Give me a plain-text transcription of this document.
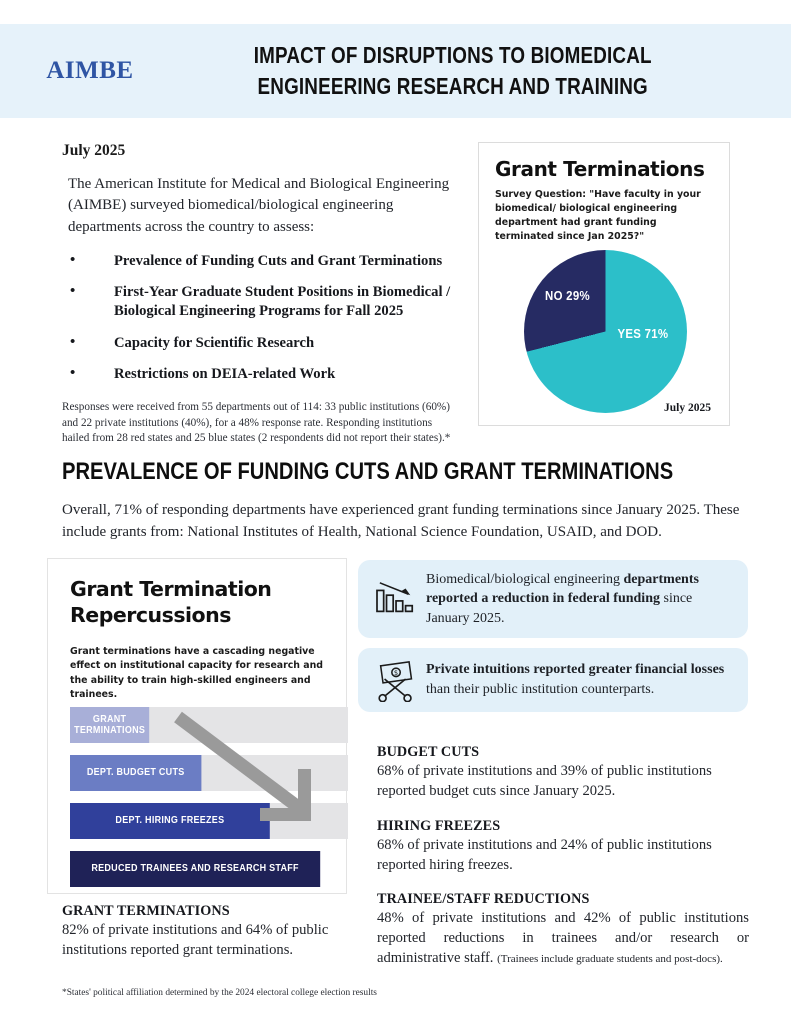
AIMBE
IMPACT OF DISRUPTIONS TO BIOMEDICAL
ENGINEERING RESEARCH AND TRAINING
July 2025

The American Institute for Medical and Biological Engineering (AIMBE) surveyed biomedical/biological engineering departments across the country to assess:

• Prevalence of Funding Cuts and Grant Terminations
• First-Year Graduate Student Positions in Biomedical / Biological Engineering Programs for Fall 2025
• Capacity for Scientific Research
• Restrictions on DEIA-related Work
Responses were received from 55 departments out of 114: 33 public institutions (60%) and 22 private institutions (40%), for a 48% response rate. Responding institutions hailed from 28 red states and 25 blue states (2 respondents did not report their states).*
Grant Terminations
Survey Question: "Have faculty in your biomedical/ biological engineering department had grant funding terminated since Jan 2025?"
YES 71%
NO 29%
July 2025
PREVALENCE OF FUNDING CUTS AND GRANT TERMINATIONS
Overall, 71% of responding departments have experienced grant funding terminations since January 2025. These include grants from: National Institutes of Health, National Science Foundation, USAID, and DOD.
Grant Termination
Repercussions
Grant terminations have a cascading negative effect on institutional capacity for research and the ability to train high-skilled engineers and trainees.
GRANT TERMINATIONS
DEPT. BUDGET CUTS
DEPT. HIRING FREEZES
REDUCED TRAINEES AND RESEARCH STAFF
Biomedical/biological engineering departments reported a reduction in federal funding since January 2025.
$ Private intuitions reported greater financial losses than their public institution counterparts.
BUDGET CUTS
68% of private institutions and 39% of public institutions reported budget cuts since January 2025.
HIRING FREEZES
68% of private institutions and 24% of public institutions reported hiring freezes.
TRAINEE/STAFF REDUCTIONS
48% of private institutions and 42% of public institutions reported reductions in trainees and/or research or administrative staff. (Trainees include graduate students and post-docs).
GRANT TERMINATIONS
82% of private institutions and 64% of public institutions reported grant terminations.
*States' political affiliation determined by the 2024 electoral college election results
